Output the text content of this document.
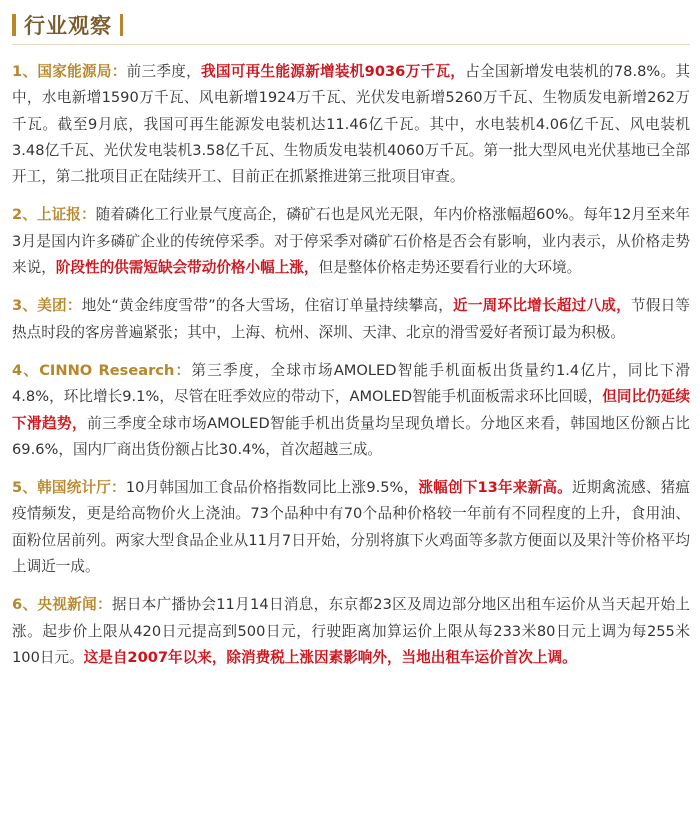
行业观察

1、国家能源局：前三季度，我国可再生能源新增装机9036万千瓦，占全国新增发电装机的78.8%。其中，水电新增1590万千瓦、风电新增1924万千瓦、光伏发电新增5260万千瓦、生物质发电新增262万千瓦。截至9月底，我国可再生能源发电装机达11.46亿千瓦。其中，水电装机4.06亿千瓦、风电装机3.48亿千瓦、光伏发电装机3.58亿千瓦、生物质发电装机4060万千瓦。第一批大型风电光伏基地已全部开工，第二批项目正在陆续开工、目前正在抓紧推进第三批项目审查。

2、上证报：随着磷化工行业景气度高企，磷矿石也是风光无限，年内价格涨幅超60%。每年12月至来年3月是国内许多磷矿企业的传统停采季。对于停采季对磷矿石价格是否会有影响，业内表示，从价格走势来说，阶段性的供需短缺会带动价格小幅上涨，但是整体价格走势还要看行业的大环境。

3、美团：地处“黄金纬度雪带”的各大雪场，住宿订单量持续攀高，近一周环比增长超过八成，节假日等热点时段的客房普遍紧张；其中，上海、杭州、深圳、天津、北京的滑雪爱好者预订最为积极。

4、CINNO Research：第三季度，全球市场AMOLED智能手机面板出货量约1.4亿片，同比下滑4.8%，环比增长9.1%，尽管在旺季效应的带动下，AMOLED智能手机面板需求环比回暖，但同比仍延续下滑趋势，前三季度全球市场AMOLED智能手机出货量均呈现负增长。分地区来看，韩国地区份额占比69.6%，国内厂商出货份额占比30.4%，首次超越三成。

5、韩国统计厅：10月韩国加工食品价格指数同比上涨9.5%，涨幅创下13年来新高。近期禽流感、猪瘟疫情频发，更是给高物价火上浇油。73个品种中有70个品种价格较一年前有不同程度的上升，食用油、面粉位居前列。两家大型食品企业从11月7日开始，分别将旗下火鸡面等多款方便面以及果汁等价格平均上调近一成。

6、央视新闻：据日本广播协会11月14日消息，东京都23区及周边部分地区出租车运价从当天起开始上涨。起步价上限从420日元提高到500日元，行驶距离加算运价上限从每233米80日元上调为每255米100日元。这是自2007年以来，除消费税上涨因素影响外，当地出租车运价首次上调。
